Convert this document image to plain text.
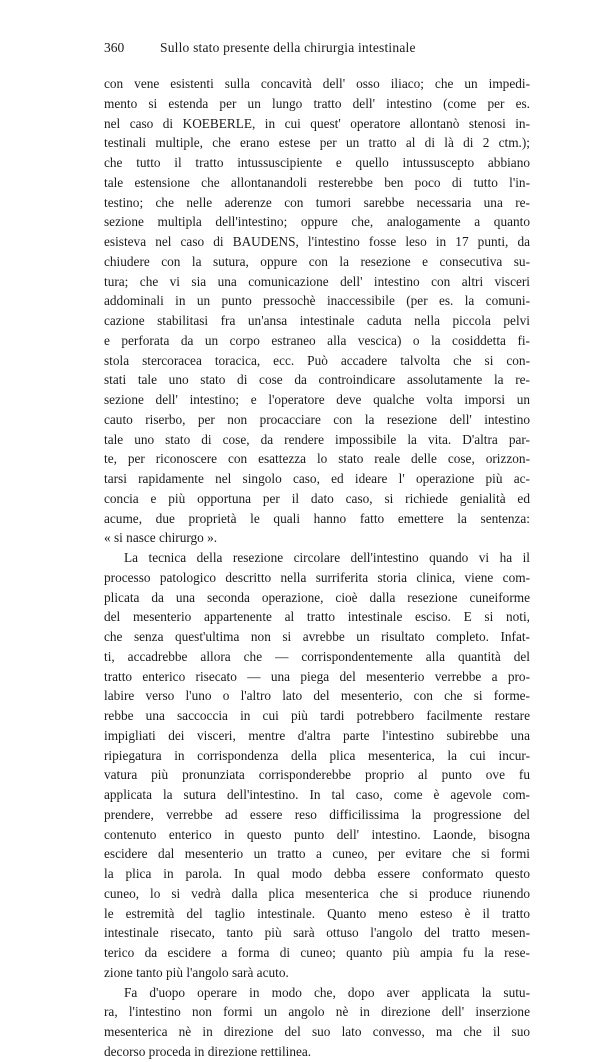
360	Sullo stato presente della chirurgia intestinale
con vene esistenti sulla concavità dell' osso iliaco; che un impedi-
mento si estenda per un lungo tratto dell' intestino (come per es.
nel caso di KOEBERLE, in cui quest' operatore allontanò stenosi in-
testinali multiple, che erano estese per un tratto al di là di 2 ctm.);
che tutto il tratto intussuscipiente e quello intussuscepto abbiano
tale estensione che allontanandoli resterebbe ben poco di tutto l'in-
testino; che nelle aderenze con tumori sarebbe necessaria una re-
sezione multipla dell'intestino; oppure che, analogamente a quanto
esisteva nel caso di BAUDENS, l'intestino fosse leso in 17 punti, da
chiudere con la sutura, oppure con la resezione e consecutiva su-
tura; che vi sia una comunicazione dell' intestino con altri visceri
addominali in un punto pressochè inaccessibile (per es. la comuni-
cazione stabilitasi fra un'ansa intestinale caduta nella piccola pelvi
e perforata da un corpo estraneo alla vescica) o la cosiddetta fi-
stola stercoracea toracica, ecc. Può accadere talvolta che si con-
stati tale uno stato di cose da controindicare assolutamente la re-
sezione dell' intestino; e l'operatore deve qualche volta imporsi un
cauto riserbo, per non procacciare con la resezione dell' intestino
tale uno stato di cose, da rendere impossibile la vita. D'altra par-
te, per riconoscere con esattezza lo stato reale delle cose, orizzon-
tarsi rapidamente nel singolo caso, ed ideare l' operazione più ac-
concia e più opportuna per il dato caso, si richiede genialità ed
acume, due proprietà le quali hanno fatto emettere la sentenza:
« si nasce chirurgo ».
La tecnica della resezione circolare dell'intestino quando vi ha il
processo patologico descritto nella surriferita storia clinica, viene com-
plicata da una seconda operazione, cioè dalla resezione cuneiforme
del mesenterio appartenente al tratto intestinale esciso. E si noti,
che senza quest'ultima non si avrebbe un risultato completo. Infat-
ti, accadrebbe allora che — corrispondentemente alla quantità del
tratto enterico risecato — una piega del mesenterio verrebbe a pro-
labire verso l'uno o l'altro lato del mesenterio, con che si forme-
rebbe una saccoccia in cui più tardi potrebbero facilmente restare
impigliati dei visceri, mentre d'altra parte l'intestino subirebbe una
ripiegatura in corrispondenza della plica mesenterica, la cui incur-
vatura più pronunziata corrisponderebbe proprio al punto ove fu
applicata la sutura dell'intestino. In tal caso, come è agevole com-
prendere, verrebbe ad essere reso difficilissima la progressione del
contenuto enterico in questo punto dell' intestino. Laonde, bisogna
escidere dal mesenterio un tratto a cuneo, per evitare che si formi
la plica in parola. In qual modo debba essere conformato questo
cuneo, lo si vedrà dalla plica mesenterica che si produce riunendo
le estremità del taglio intestinale. Quanto meno esteso è il tratto
intestinale risecato, tanto più sarà ottuso l'angolo del tratto mesen-
terico da escidere a forma di cuneo; quanto più ampia fu la rese-
zione tanto più l'angolo sarà acuto.
Fa d'uopo operare in modo che, dopo aver applicata la sutu-
ra, l'intestino non formi un angolo nè in direzione dell' inserzione
mesenterica nè in direzione del suo lato convesso, ma che il suo
decorso proceda in direzione rettilinea.
